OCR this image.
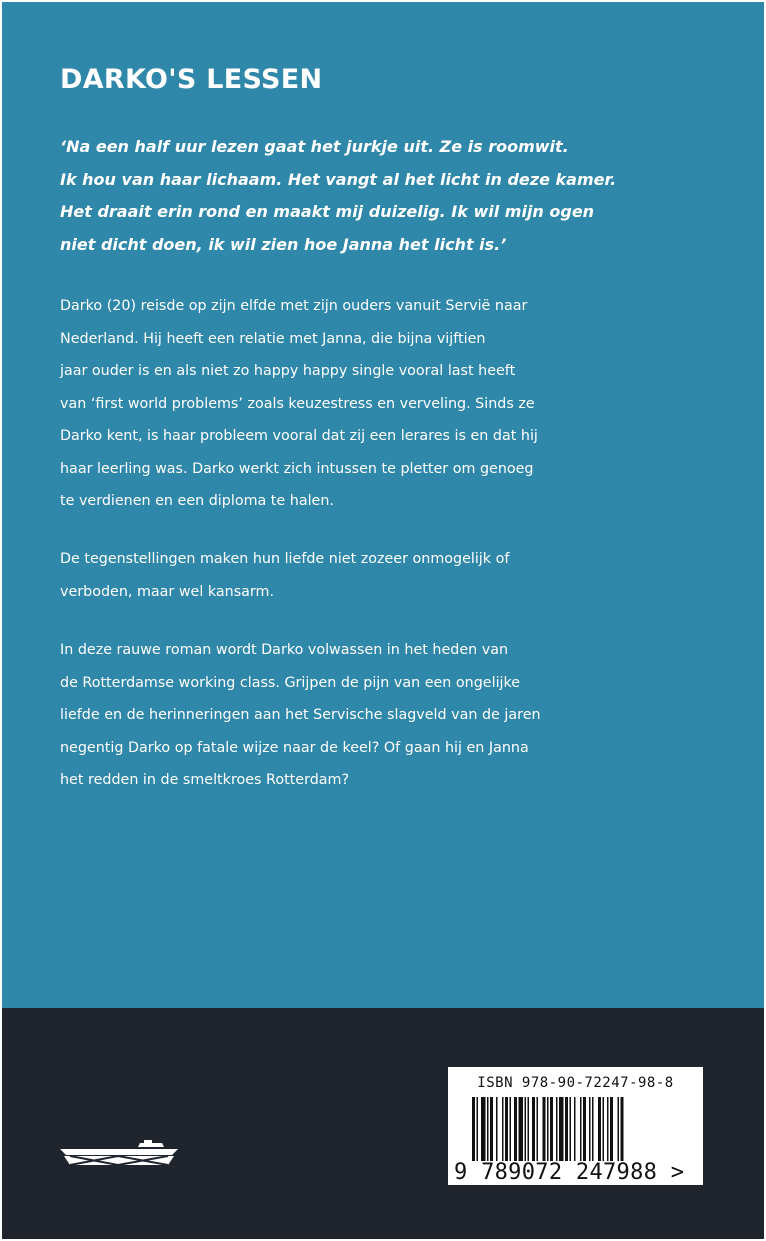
DARKO'S LESSEN
‘Na een half uur lezen gaat het jurkje uit. Ze is roomwit.
Ik hou van haar lichaam. Het vangt al het licht in deze kamer.
Het draait erin rond en maakt mij duizelig. Ik wil mijn ogen
niet dicht doen, ik wil zien hoe Janna het licht is.’
Darko (20) reisde op zijn elfde met zijn ouders vanuit Servië naar
Nederland. Hij heeft een relatie met Janna, die bijna vijftien
jaar ouder is en als niet zo happy happy single vooral last heeft
van ‘first world problems’ zoals keuzestress en verveling. Sinds ze
Darko kent, is haar probleem vooral dat zij een lerares is en dat hij
haar leerling was. Darko werkt zich intussen te pletter om genoeg
te verdienen en een diploma te halen.
De tegenstellingen maken hun liefde niet zozeer onmogelijk of
verboden, maar wel kansarm.
In deze rauwe roman wordt Darko volwassen in het heden van
de Rotterdamse working class. Grijpen de pijn van een ongelijke
liefde en de herinneringen aan het Servische slagveld van de jaren
negentig Darko op fatale wijze naar de keel? Of gaan hij en Janna
het redden in de smeltkroes Rotterdam?
ISBN 978-90-72247-98-8
9 789072 247988 >
